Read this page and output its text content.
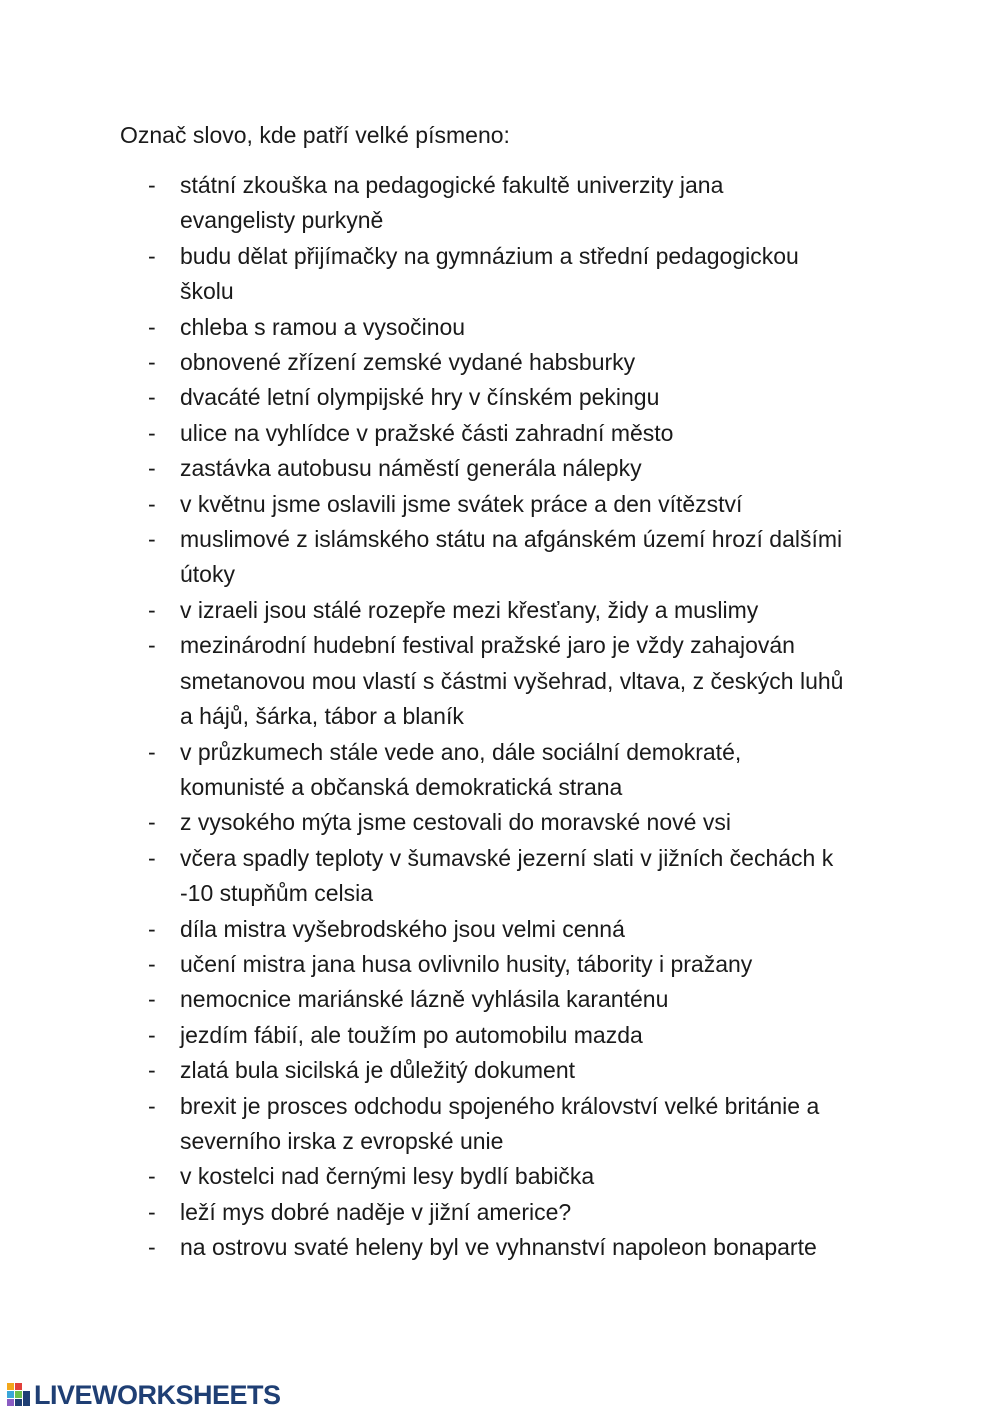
Označ slovo, kde patří velké písmeno:

-	státní zkouška na pedagogické fakultě univerzity jana
evangelisty purkyně
-	budu dělat přijímačky na gymnázium a střední pedagogickou
školu
-	chleba s ramou a vysočinou
-	obnovené zřízení zemské vydané habsburky
-	dvacáté letní olympijské hry v čínském pekingu
-	ulice na vyhlídce v pražské části zahradní město
-	zastávka autobusu náměstí generála nálepky
-	v květnu jsme oslavili jsme svátek práce a den vítězství
-	muslimové z islámského státu na afgánském území hrozí dalšími
útoky
-	v izraeli jsou stálé rozepře mezi křesťany, židy a muslimy
-	mezinárodní hudební festival pražské jaro je vždy zahajován
smetanovou mou vlastí s částmi vyšehrad, vltava, z českých luhů
a hájů, šárka, tábor a blaník
-	v průzkumech stále vede ano, dále sociální demokraté,
komunisté a občanská demokratická strana
-	z vysokého mýta jsme cestovali do moravské nové vsi
-	včera spadly teploty v šumavské jezerní slati v jižních čechách k
-10 stupňům celsia
-	díla mistra vyšebrodského jsou velmi cenná
-	učení mistra jana husa ovlivnilo husity, tábority i pražany
-	nemocnice mariánské lázně vyhlásila karanténu
-	jezdím fábií, ale toužím po automobilu mazda
-	zlatá bula sicilská je důležitý dokument
-	brexit je prosces odchodu spojeného království velké británie a
severního irska z evropské unie
-	v kostelci nad černými lesy bydlí babička
-	leží mys dobré naděje v jižní americe?
-	na ostrovu svaté heleny byl ve vyhnanství napoleon bonaparte
LIVEWORKSHEETS
